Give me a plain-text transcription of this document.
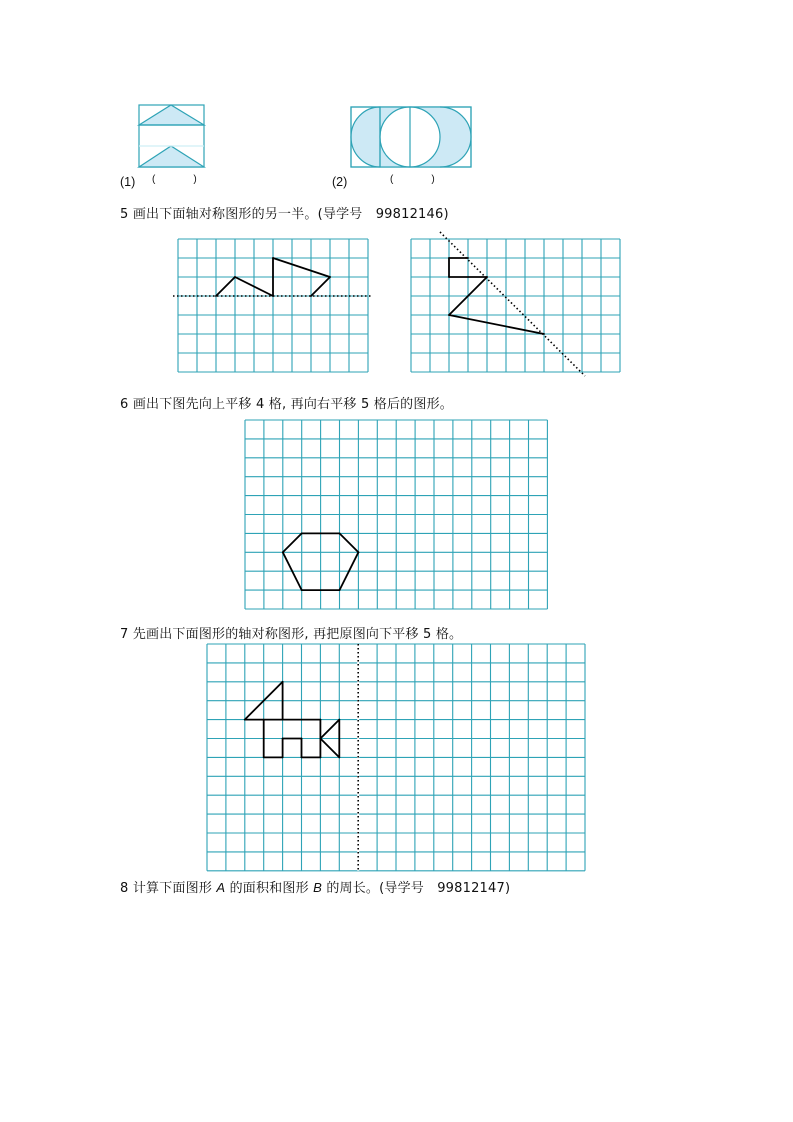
(1) (　　)	(2)	(　　)
5 画出下面轴对称图形的另一半。(导学号　99812146)
6 画出下图先向上平移 4 格, 再向右平移 5 格后的图形。
7 先画出下面图形的轴对称图形, 再把原图向下平移 5 格。
8 计算下面图形 A 的面积和图形 B 的周长。(导学号　99812147)
